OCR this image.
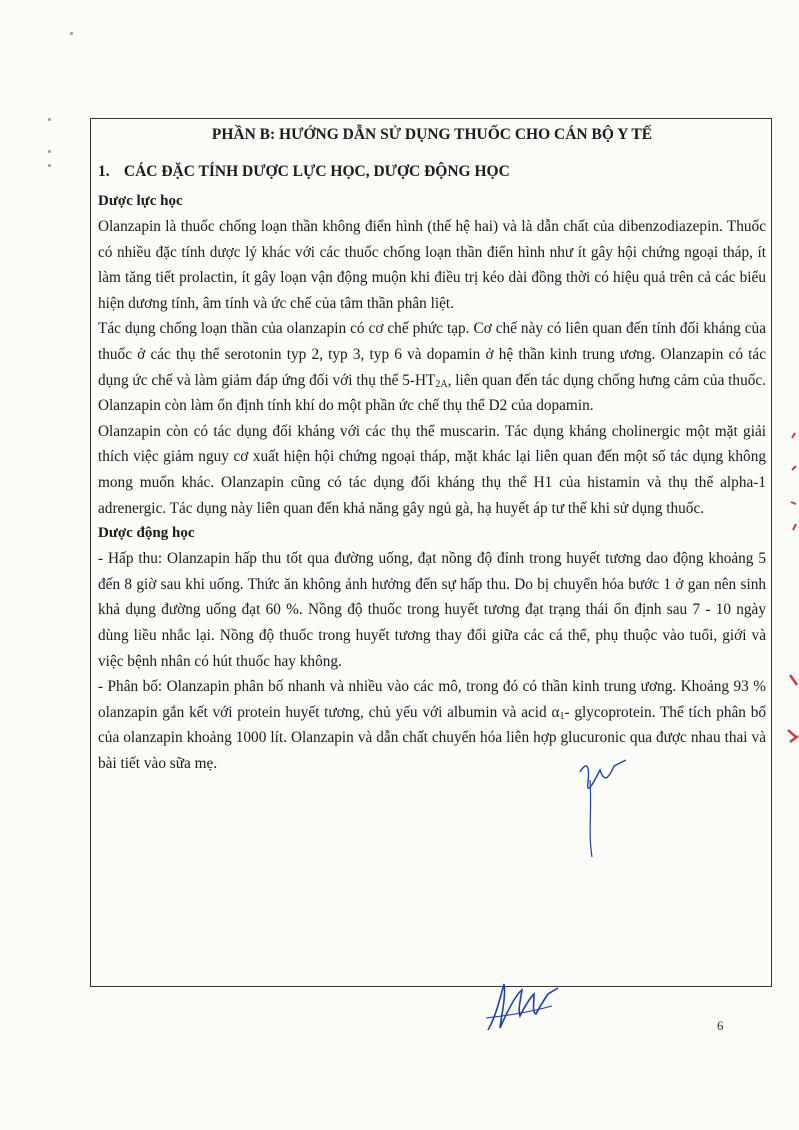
PHẦN B: HƯỚNG DẪN SỬ DỤNG THUỐC CHO CÁN BỘ Y TẾ
1. CÁC ĐẶC TÍNH DƯỢC LỰC HỌC, DƯỢC ĐỘNG HỌC
Dược lực học

Olanzapin là thuốc chống loạn thần không điển hình (thế hệ hai) và là dẫn chất của dibenzodiazepin. Thuốc có nhiều đặc tính dược lý khác với các thuốc chống loạn thần điển hình như ít gây hội chứng ngoại tháp, ít làm tăng tiết prolactin, ít gây loạn vận động muộn khi điều trị kéo dài đồng thời có hiệu quả trên cả các biểu hiện dương tính, âm tính và ức chế của tâm thần phân liệt.

Tác dụng chống loạn thần của olanzapin có cơ chế phức tạp. Cơ chế này có liên quan đến tính đối kháng của thuốc ở các thụ thể serotonin typ 2, typ 3, typ 6 và dopamin ở hệ thần kinh trung ương. Olanzapin có tác dụng ức chế và làm giảm đáp ứng đối với thụ thể $5-HT_{2A}$, liên quan đến tác dụng chống hưng cảm của thuốc. Olanzapin còn làm ổn định tính khí do một phần ức chế thụ thể D2 của dopamin.

Olanzapin còn có tác dụng đối kháng với các thụ thể muscarin. Tác dụng kháng cholinergic một mặt giải thích việc giảm nguy cơ xuất hiện hội chứng ngoại tháp, mặt khác lại liên quan đến một số tác dụng không mong muốn khác. Olanzapin cũng có tác dụng đối kháng thụ thể H1 của histamin và thụ thể alpha-1 adrenergic. Tác dụng này liên quan đến khả năng gây ngủ gà, hạ huyết áp tư thế khi sử dụng thuốc.

Dược động học

- Hấp thu: Olanzapin hấp thu tốt qua đường uống, đạt nồng độ đỉnh trong huyết tương dao động khoảng 5 đến 8 giờ sau khi uống. Thức ăn không ảnh hưởng đến sự hấp thu. Do bị chuyển hóa bước 1 ở gan nên sinh khả dụng đường uống đạt 60 %. Nồng độ thuốc trong huyết tương đạt trạng thái ổn định sau 7 - 10 ngày dùng liều nhắc lại. Nồng độ thuốc trong huyết tương thay đổi giữa các cá thể, phụ thuộc vào tuổi, giới và việc bệnh nhân có hút thuốc hay không.

- Phân bố: Olanzapin phân bố nhanh và nhiều vào các mô, trong đó có thần kinh trung ương. Khoảng 93 % olanzapin gắn kết với protein huyết tương, chủ yếu với albumin và acid $\alpha_1-$ glycoprotein. Thể tích phân bố của olanzapin khoảng 1000 lít. Olanzapin và dẫn chất chuyển hóa liên hợp glucuronic qua được nhau thai và bài tiết vào sữa mẹ.

6
